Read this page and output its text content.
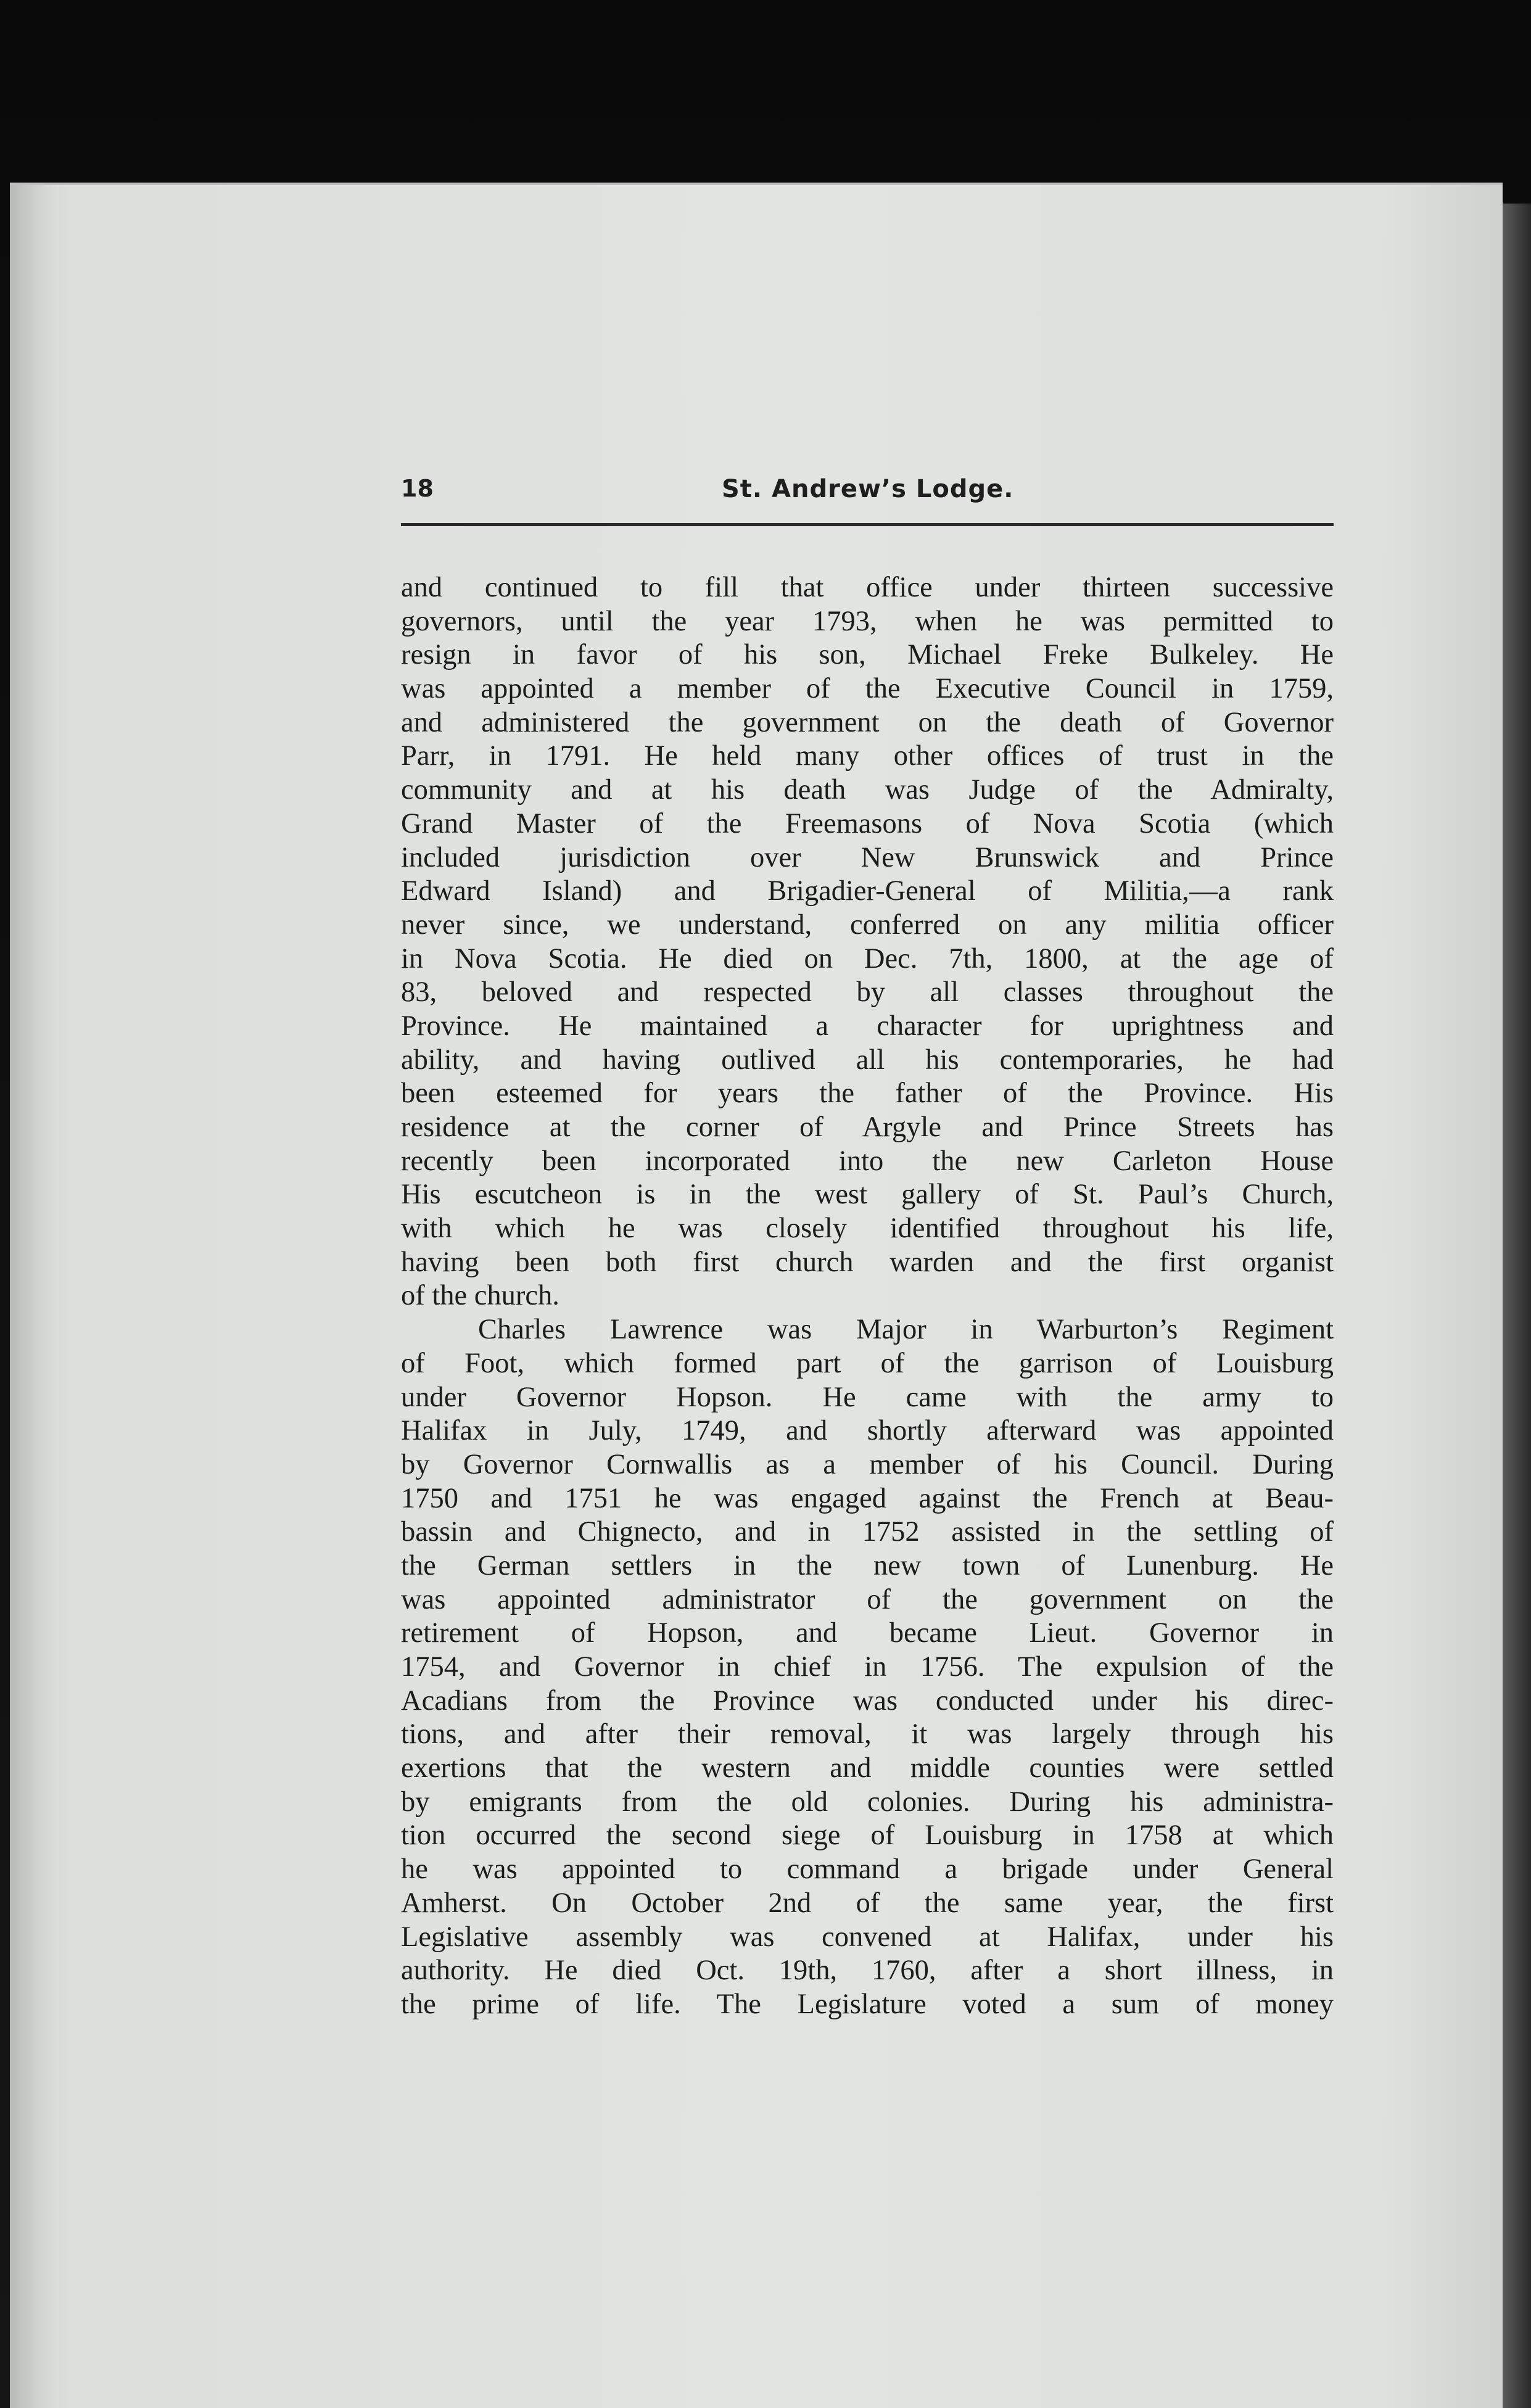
18	St. Andrew’s Lodge.
and continued to fill that office under thirteen successive
governors, until the year 1793, when he was permitted to
resign in favor of his son, Michael Freke Bulkeley. He
was appointed a member of the Executive Council in 1759,
and administered the government on the death of Governor
Parr, in 1791. He held many other offices of trust in the
community and at his death was Judge of the Admiralty,
Grand Master of the Freemasons of Nova Scotia (which
included jurisdiction over New Brunswick and Prince
Edward Island) and Brigadier-General of Militia,—a rank
never since, we understand, conferred on any militia officer
in Nova Scotia. He died on Dec. 7th, 1800, at the age of
83, beloved and respected by all classes throughout the
Province. He maintained a character for uprightness and
ability, and having outlived all his contemporaries, he had
been esteemed for years the father of the Province. His
residence at the corner of Argyle and Prince Streets has
recently been incorporated into the new Carleton House
His escutcheon is in the west gallery of St. Paul’s Church,
with which he was closely identified throughout his life,
having been both first church warden and the first organist
of the church.
Charles Lawrence was Major in Warburton’s Regiment
of Foot, which formed part of the garrison of Louisburg
under Governor Hopson. He came with the army to
Halifax in July, 1749, and shortly afterward was appointed
by Governor Cornwallis as a member of his Council. During
1750 and 1751 he was engaged against the French at Beau-
bassin and Chignecto, and in 1752 assisted in the settling of
the German settlers in the new town of Lunenburg. He
was appointed administrator of the government on the
retirement of Hopson, and became Lieut. Governor in
1754, and Governor in chief in 1756. The expulsion of the
Acadians from the Province was conducted under his direc-
tions, and after their removal, it was largely through his
exertions that the western and middle counties were settled
by emigrants from the old colonies. During his administra-
tion occurred the second siege of Louisburg in 1758 at which
he was appointed to command a brigade under General
Amherst. On October 2nd of the same year, the first
Legislative assembly was convened at Halifax, under his
authority. He died Oct. 19th, 1760, after a short illness, in
the prime of life. The Legislature voted a sum of money
